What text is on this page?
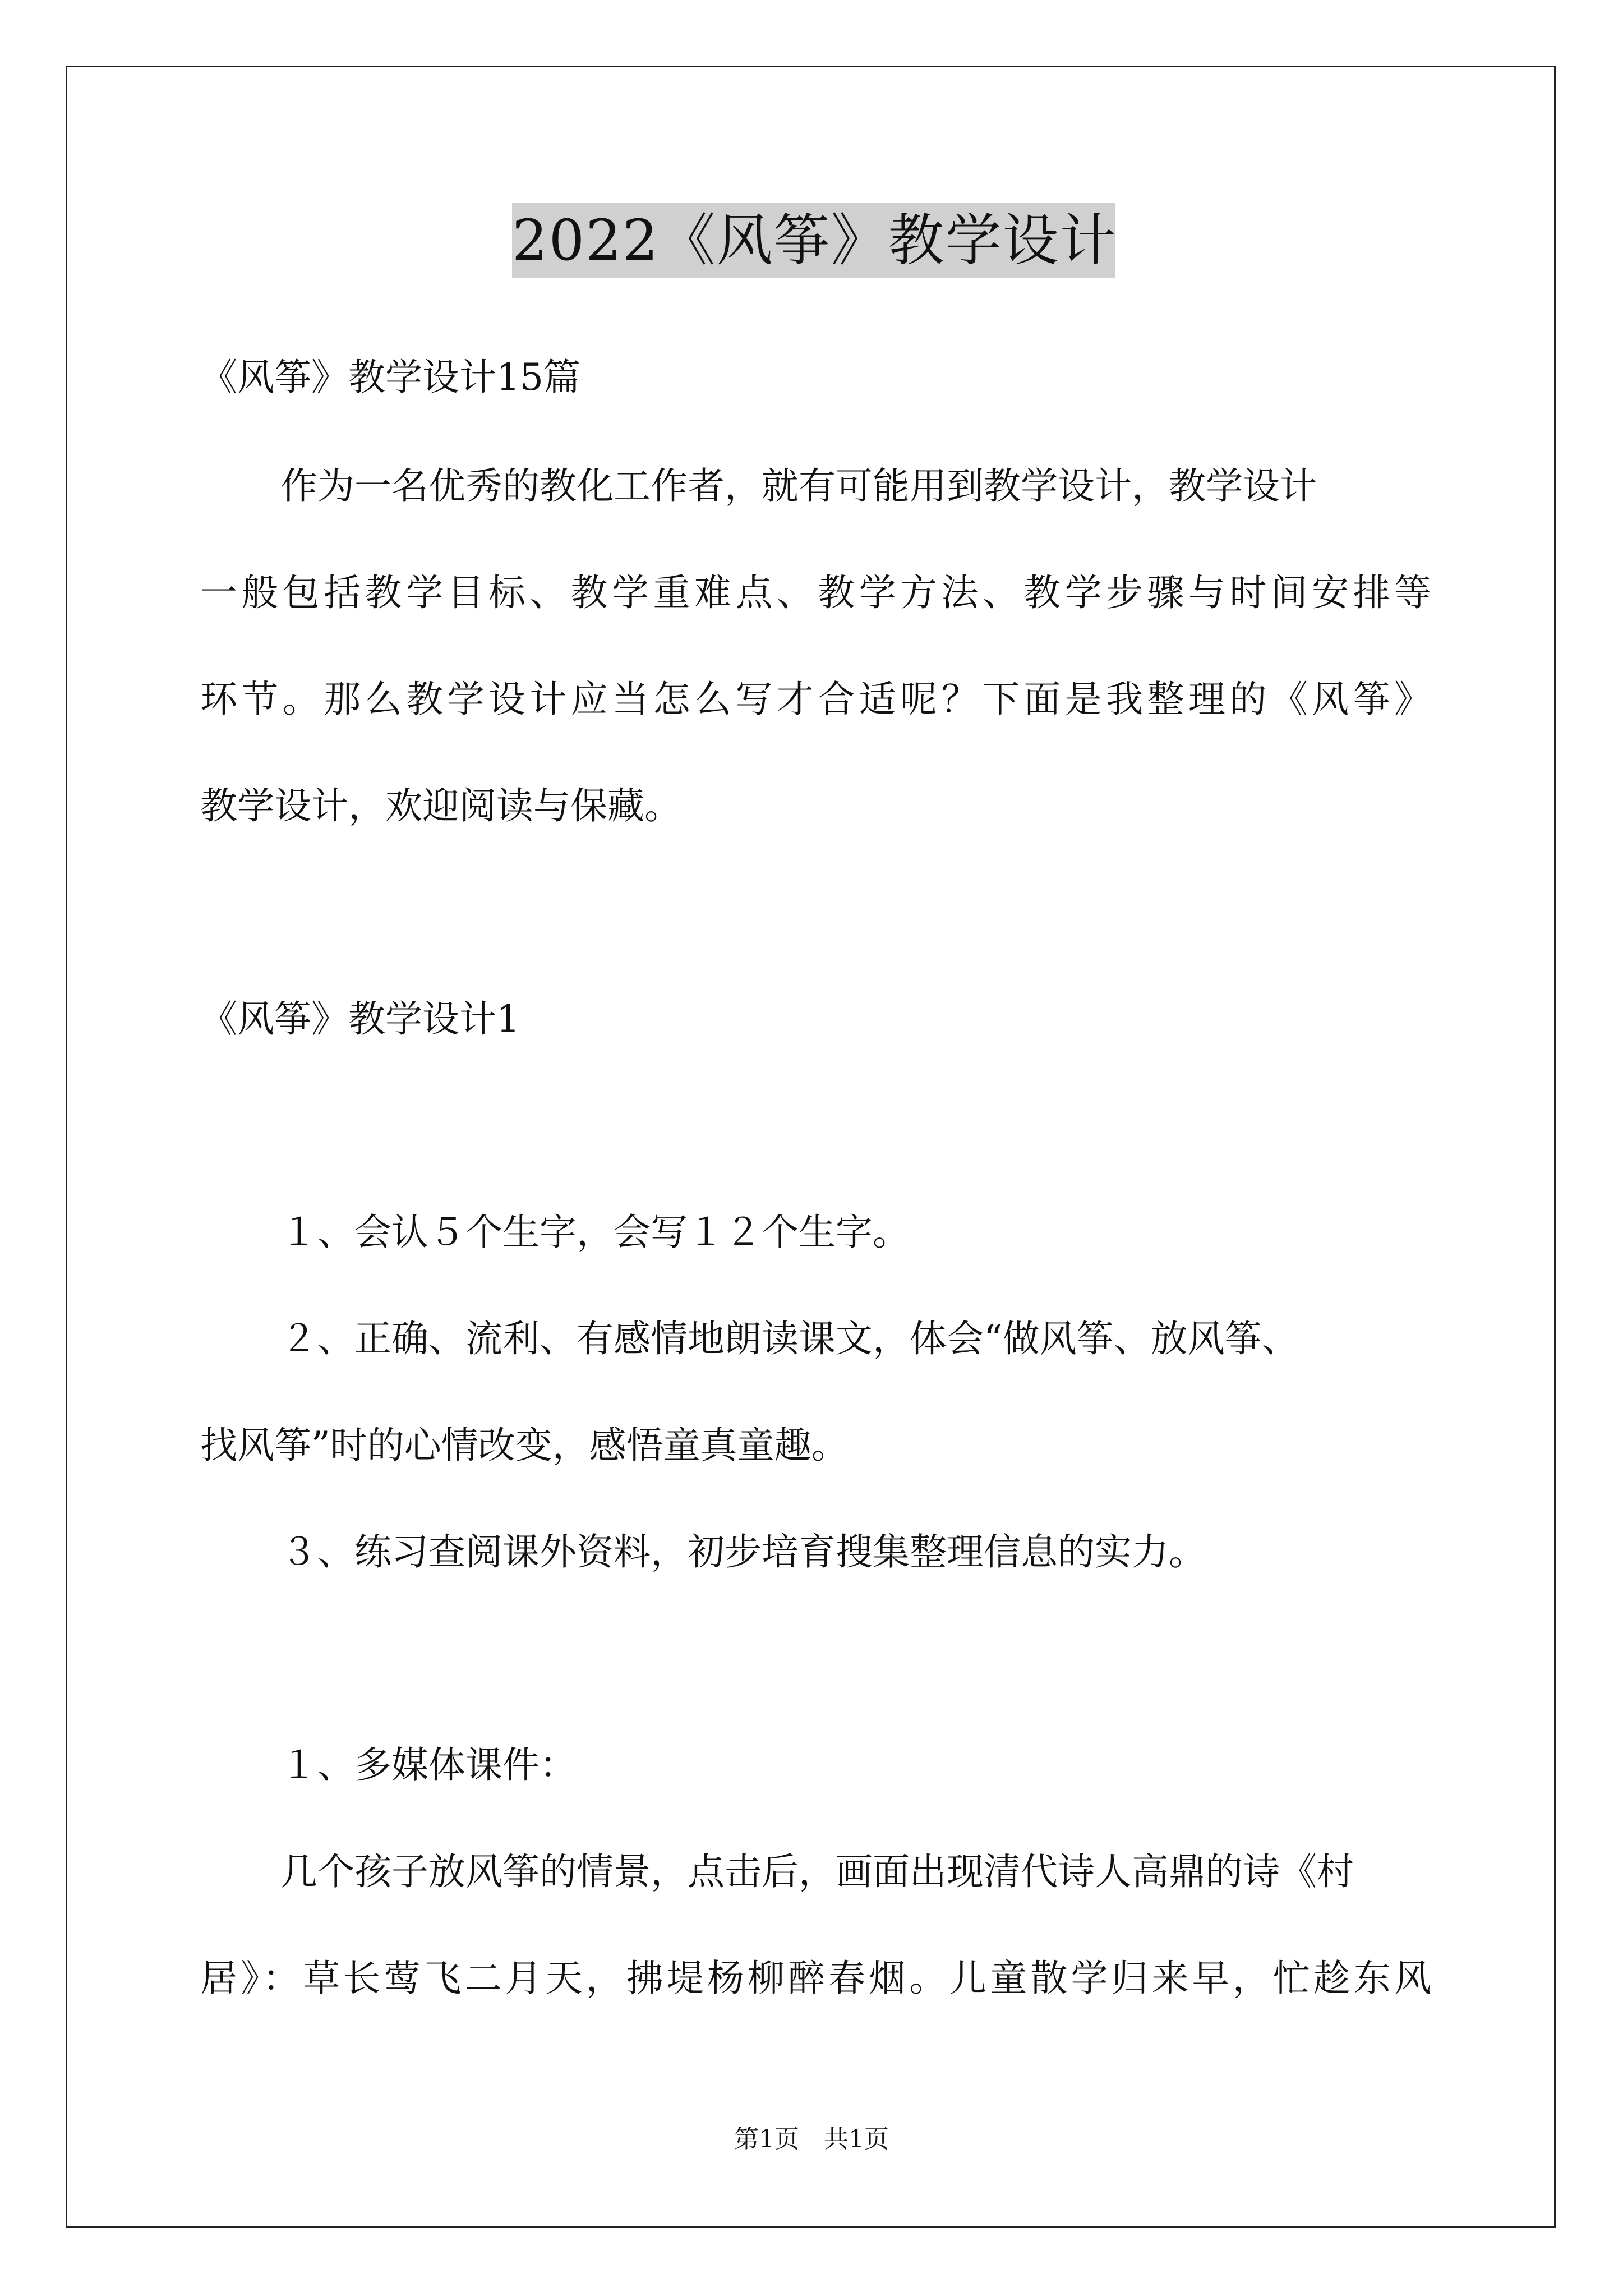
2022《风筝》教学设计
《风筝》教学设计15篇
作为一名优秀的教化工作者，就有可能用到教学设计，教学设计
一般包括教学目标、教学重难点、教学方法、教学步骤与时间安排等
环节。那么教学设计应当怎么写才合适呢？下面是我整理的《风筝》
教学设计，欢迎阅读与保藏。
《风筝》教学设计1
１、会认５个生字，会写１２个生字。
２、正确、流利、有感情地朗读课文，体会“做风筝、放风筝、
找风筝”时的心情改变，感悟童真童趣。
３、练习查阅课外资料，初步培育搜集整理信息的实力。
１、多媒体课件：
几个孩子放风筝的情景，点击后，画面出现清代诗人高鼎的诗《村
居》：草长莺飞二月天，拂堤杨柳醉春烟。儿童散学归来早，忙趁东风
第1页　共1页
